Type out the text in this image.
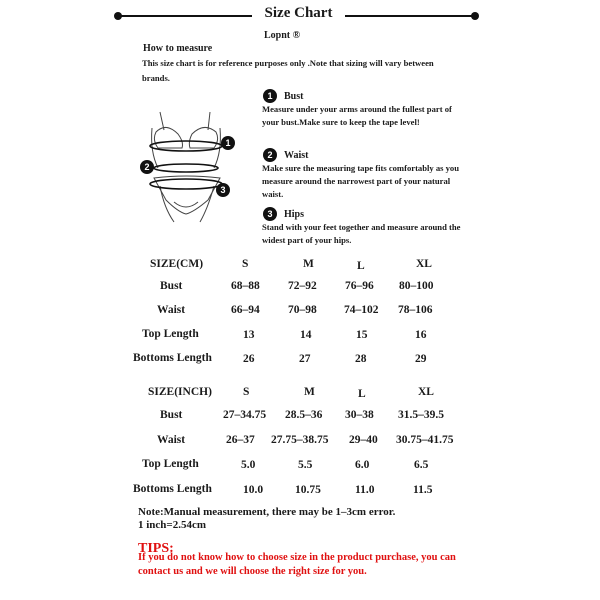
Size Chart
Lopnt ®
How to measure
This size chart is for reference purposes only .Note that sizing will vary between brands.
1
2
3
1	Bust
Measure under your arms around the fullest part of your bust.Make sure to keep the tape level!
2	Waist
Make sure the measuring tape fits comfortably as you measure around the narrowest part of your natural waist.
3	Hips
Stand with your feet together and measure around the widest part of your hips.
SIZE(CM)	S	M	L	XL
Bust	68–88 72–92 76–96 80–100
Waist	66–94 70–98 74–102 78–106
Top Length	13	14	15	16
Bottoms Length	26	27	28	29
SIZE(INCH)	S	M	L	XL
Bust	27–34.75 28.5–36 30–38 31.5–39.5
Waist	26–37 27.75–38.75 29–40 30.75–41.75
Top Length	5.0	5.5	6.0	6.5
Bottoms Length	10.0	10.75	11.0	11.5
Note:Manual measurement, there may be 1–3cm error.
1 inch=2.54cm
TIPS:
If you do not know how to choose size in the product purchase, you can contact us and we will choose the right size for you.
